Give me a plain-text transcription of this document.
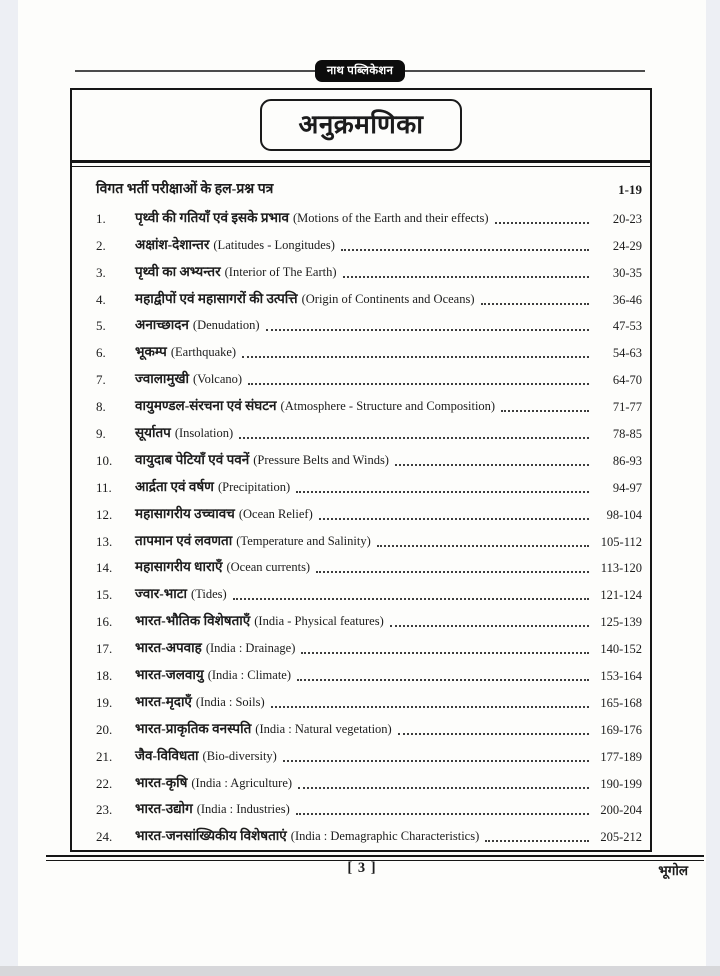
नाथ पब्लिकेशन
अनुक्रमणिका
विगत भर्ती परीक्षाओं के हल-प्रश्न पत्र	1-19
1.	पृथ्वी की गतियाँ एवं इसके प्रभाव (Motions of the Earth and their effects)	20-23
2.	अक्षांश-देशान्तर (Latitudes - Longitudes)	24-29
3.	पृथ्वी का अभ्यन्तर (Interior of The Earth)	30-35
4.	महाद्वीपों एवं महासागरों की उत्पत्ति (Origin of Continents and Oceans)	36-46
5.	अनाच्छादन (Denudation)	47-53
6.	भूकम्प (Earthquake)	54-63
7.	ज्वालामुखी (Volcano)	64-70
8.	वायुमण्डल-संरचना एवं संघटन (Atmosphere - Structure and Composition)	71-77
9.	सूर्यातप (Insolation)	78-85
10.	वायुदाब पेटियाँ एवं पवनें (Pressure Belts and Winds)	86-93
11.	आर्द्रता एवं वर्षण (Precipitation)	94-97
12.	महासागरीय उच्चावच (Ocean Relief)	98-104
13.	तापमान एवं लवणता (Temperature and Salinity)	105-112
14.	महासागरीय धाराएँ (Ocean currents)	113-120
15.	ज्वार-भाटा (Tides)	121-124
16.	भारत-भौतिक विशेषताएँ (India - Physical features)	125-139
17.	भारत-अपवाह (India : Drainage)	140-152
18.	भारत-जलवायु (India : Climate)	153-164
19.	भारत-मृदाएँ (India : Soils)	165-168
20.	भारत-प्राकृतिक वनस्पति (India : Natural vegetation)	169-176
21.	जैव-विविधता (Bio-diversity)	177-189
22.	भारत-कृषि (India : Agriculture)	190-199
23.	भारत-उद्योग (India : Industries)	200-204
24.	भारत-जनसांख्यिकीय विशेषताएं (India : Demagraphic Characteristics)	205-212
[ 3 ]	भूगोल
